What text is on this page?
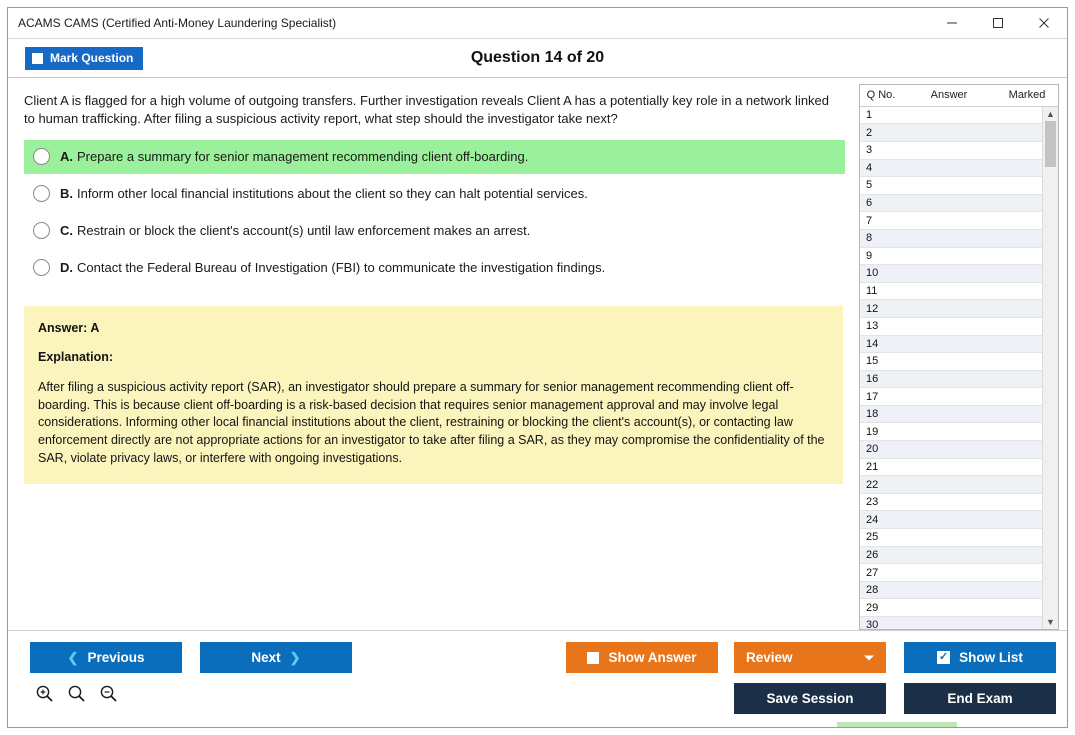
ACAMS CAMS (Certified Anti-Money Laundering Specialist)
Mark Question	Question 14 of 20
Client A is flagged for a high volume of outgoing transfers. Further investigation reveals Client A has a potentially key role in a network linked to human trafficking. After filing a suspicious activity report, what step should the investigator take next?
A. Prepare a summary for senior management recommending client off-boarding.
B. Inform other local financial institutions about the client so they can halt potential services.
C. Restrain or block the client's account(s) until law enforcement makes an arrest.
D. Contact the Federal Bureau of Investigation (FBI) to communicate the investigation findings.
Answer: A
Explanation:
After filing a suspicious activity report (SAR), an investigator should prepare a summary for senior management recommending client off-boarding. This is because client off-boarding is a risk-based decision that requires senior management approval and may involve legal considerations. Informing other local financial institutions about the client, restraining or blocking the client's account(s), or contacting law enforcement directly are not appropriate actions for an investigator to take after filing a SAR, as they may compromise the confidentiality of the SAR, violate privacy laws, or interfere with ongoing investigations.
Q No.	Answer	Marked
1
2
3
4
5
6
7
8
9
10
11
12
13
14
15
16
17
18
19
20
21
22
23
24
25
26
27
28
29
30
▲
▼
❮ Previous	Next ❯	Show Answer	Review	✓ Show List
Save Session	End Exam
